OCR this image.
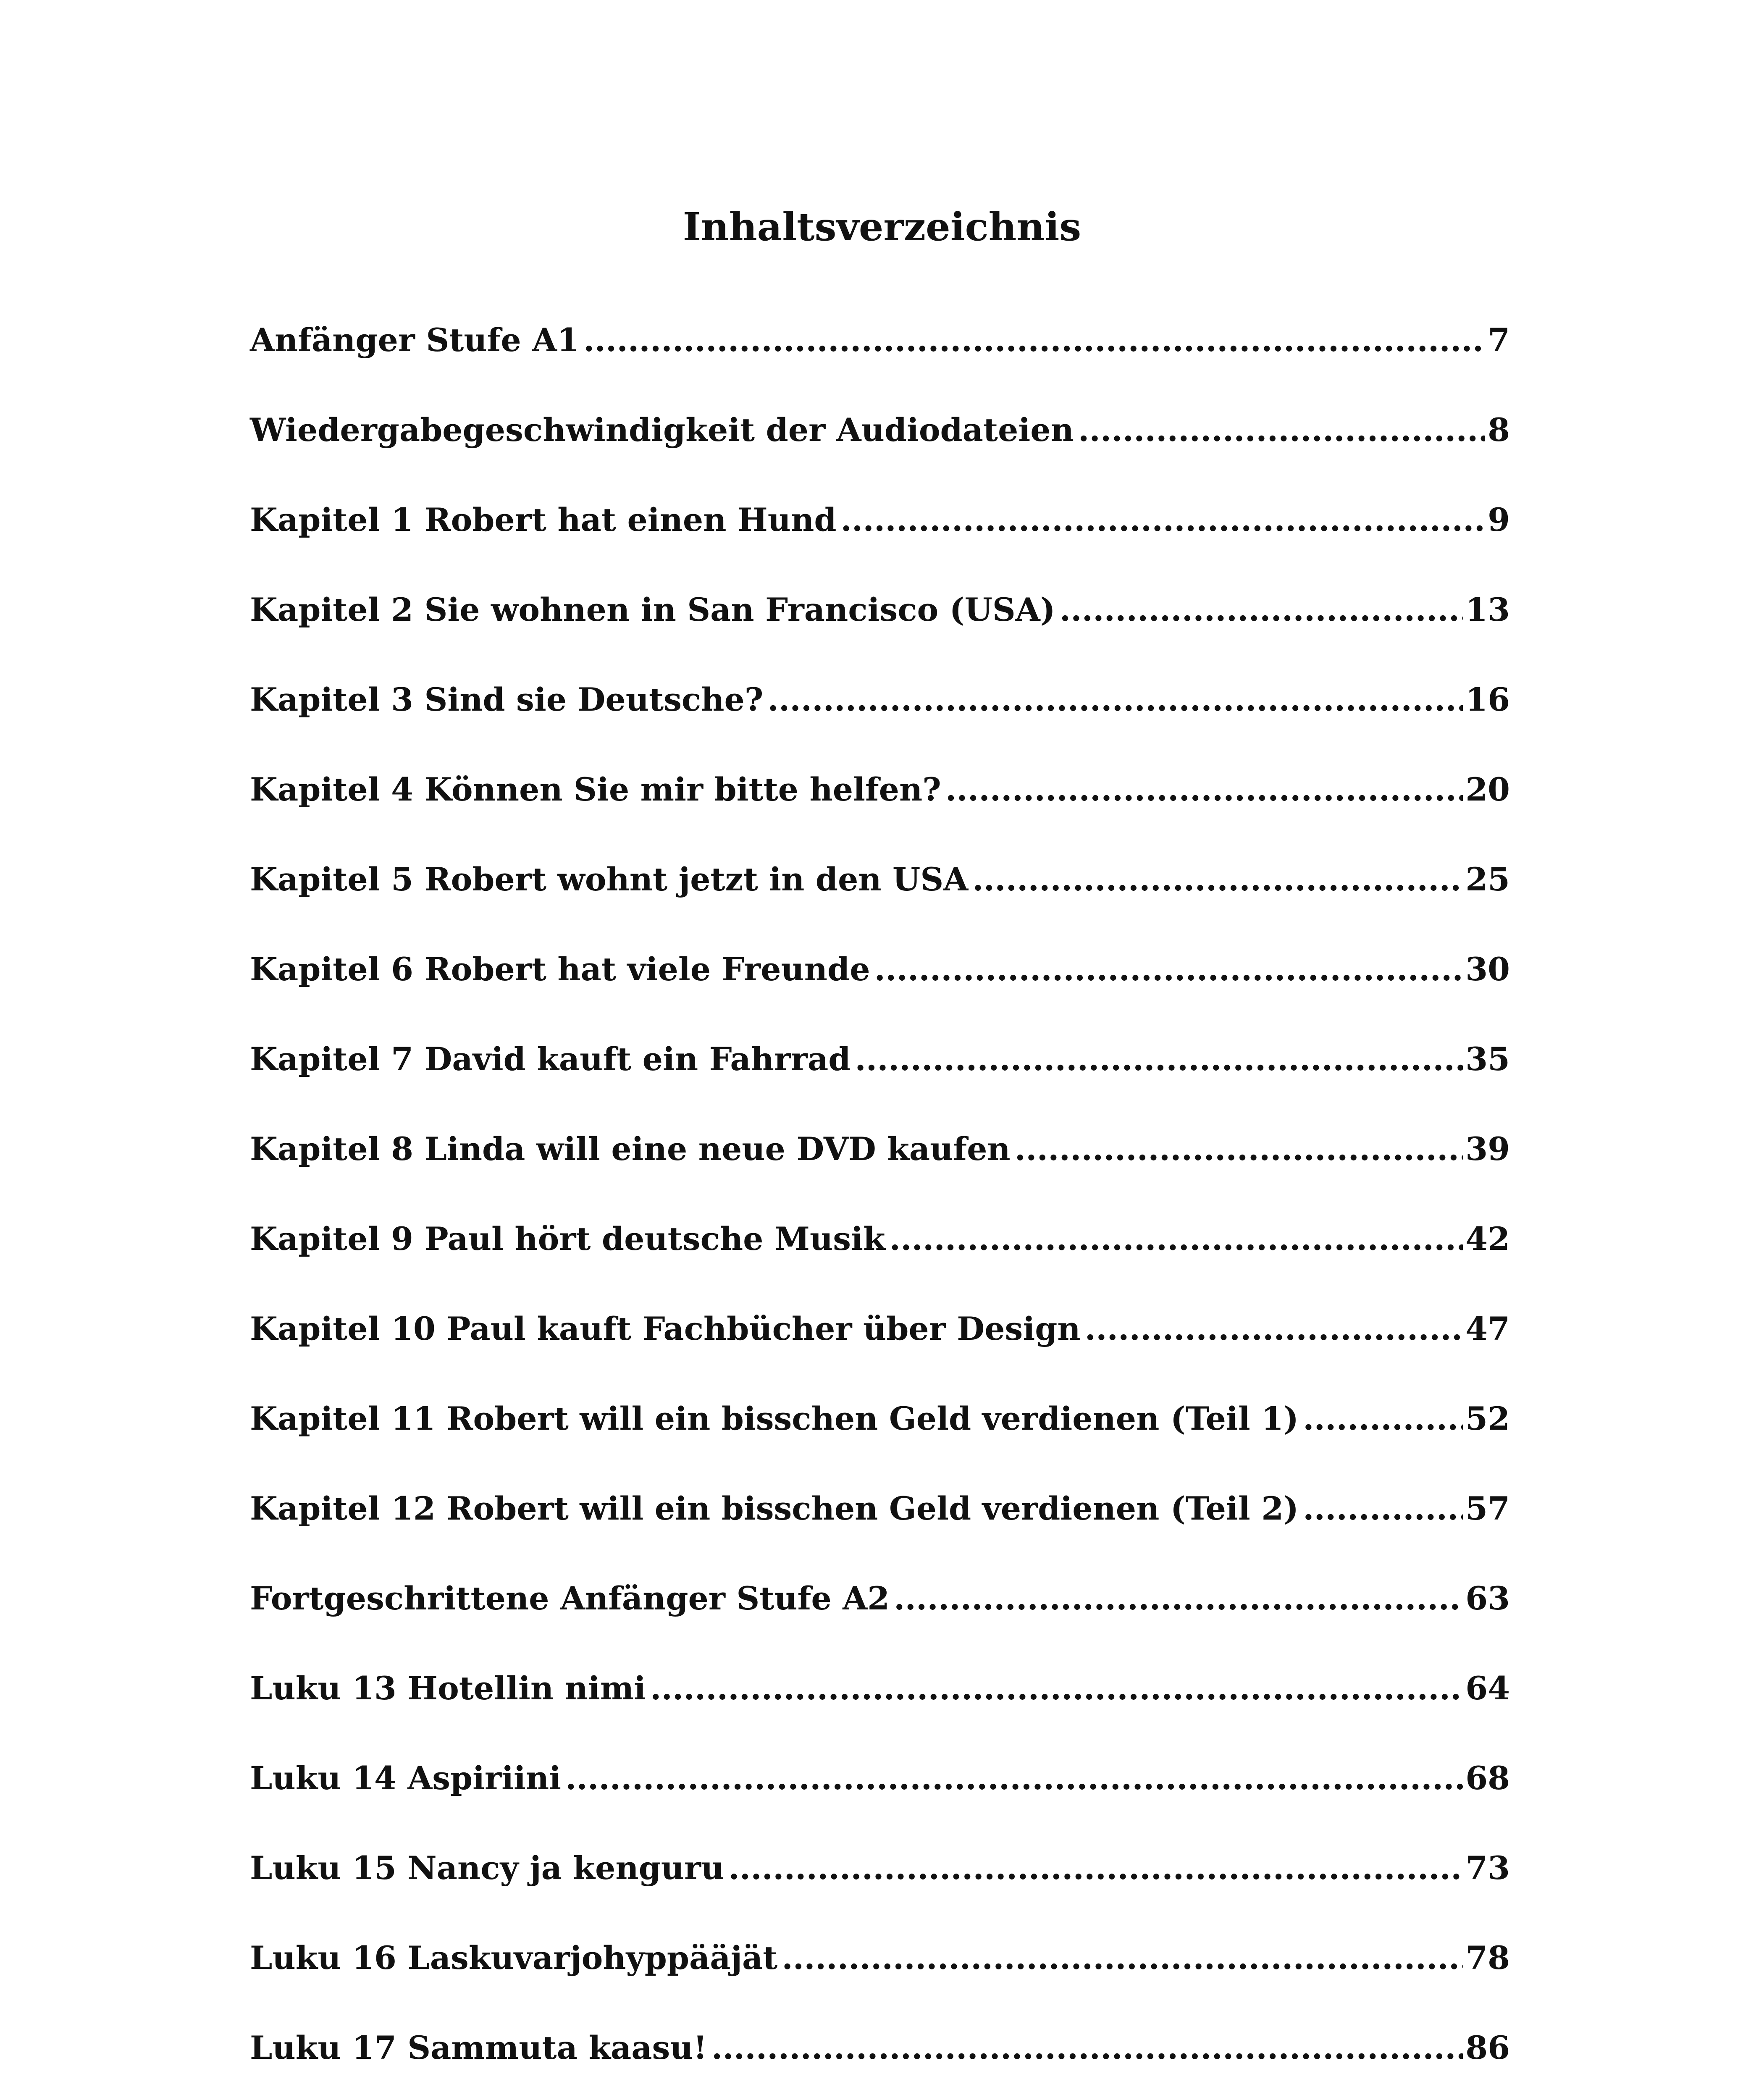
Inhaltsverzeichnis
Anfänger Stufe A1 .....	7
Wiedergabegeschwindigkeit der Audiodateien .....	8
Kapitel 1 Robert hat einen Hund .....	9
Kapitel 2 Sie wohnen in San Francisco (USA) .....	13
Kapitel 3 Sind sie Deutsche? .....	16
Kapitel 4 Können Sie mir bitte helfen? .....	20
Kapitel 5 Robert wohnt jetzt in den USA .....	25
Kapitel 6 Robert hat viele Freunde .....	30
Kapitel 7 David kauft ein Fahrrad .....	35
Kapitel 8 Linda will eine neue DVD kaufen .....	39
Kapitel 9 Paul hört deutsche Musik .....	42
Kapitel 10 Paul kauft Fachbücher über Design .....	47
Kapitel 11 Robert will ein bisschen Geld verdienen (Teil 1) .....	52
Kapitel 12 Robert will ein bisschen Geld verdienen (Teil 2) .....	57
Fortgeschrittene Anfänger Stufe A2 .....	63
Luku 13 Hotellin nimi .....	64
Luku 14 Aspiriini .....	68
Luku 15 Nancy ja kenguru .....	73
Luku 16 Laskuvarjohyppääjät .....	78
Luku 17 Sammuta kaasu! .....	86
